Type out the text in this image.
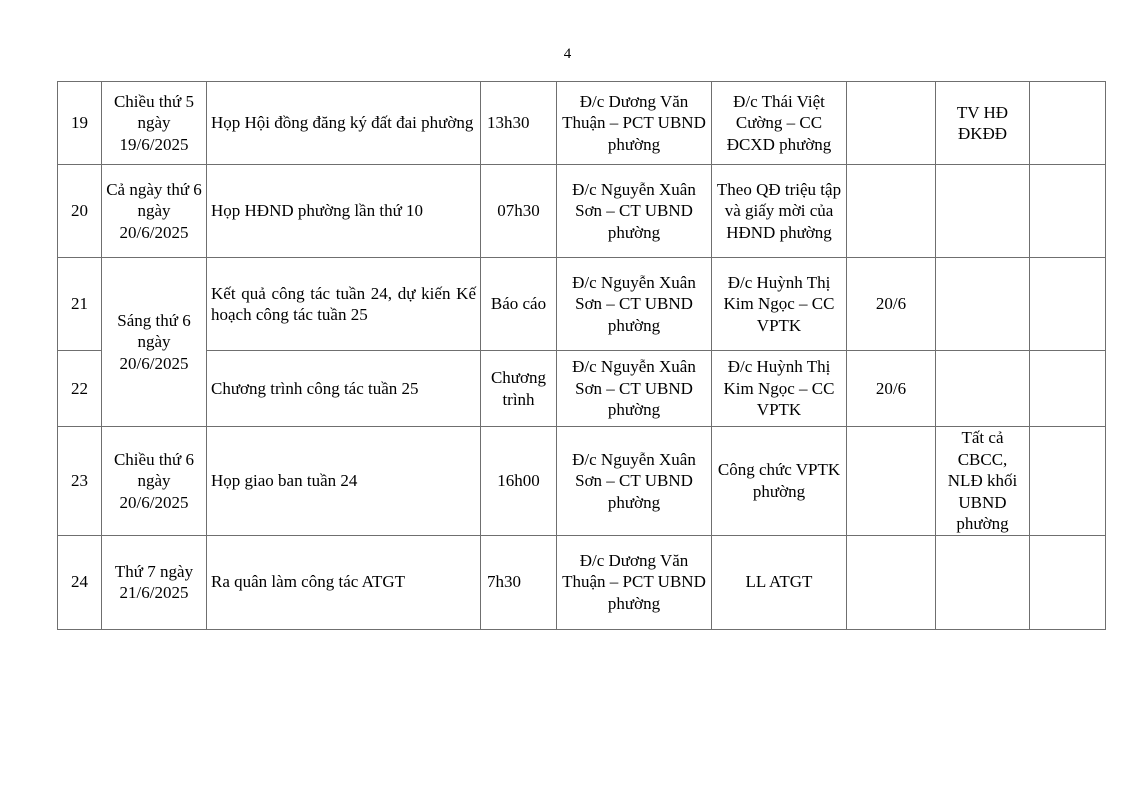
4
19	Chiều thứ 5 ngày 19/6/2025	Họp Hội đồng đăng ký đất đai phường	13h30	Đ/c Dương Văn Thuận – PCT UBND phường	Đ/c Thái Việt Cường – CC ĐCXD phường		TV HĐ ĐKĐĐ	
20	Cả ngày thứ 6 ngày 20/6/2025	Họp HĐND phường lần thứ 10	07h30	Đ/c Nguyễn Xuân Sơn – CT UBND phường	Theo QĐ triệu tập và giấy mời của HĐND phường			
21	Sáng thứ 6 ngày 20/6/2025	Kết quả công tác tuần 24, dự kiến Kế hoạch công tác tuần 25	Báo cáo	Đ/c Nguyễn Xuân Sơn – CT UBND phường	Đ/c Huỳnh Thị Kim Ngọc – CC VPTK	20/6		
22		Chương trình công tác tuần 25	Chương trình	Đ/c Nguyễn Xuân Sơn – CT UBND phường	Đ/c Huỳnh Thị Kim Ngọc – CC VPTK	20/6		
23	Chiều thứ 6 ngày 20/6/2025	Họp giao ban tuần 24	16h00	Đ/c Nguyễn Xuân Sơn – CT UBND phường	Công chức VPTK phường		Tất cả CBCC, NLĐ khối UBND phường	
24	Thứ 7 ngày 21/6/2025	Ra quân làm công tác ATGT	7h30	Đ/c Dương Văn Thuận – PCT UBND phường	LL ATGT			
